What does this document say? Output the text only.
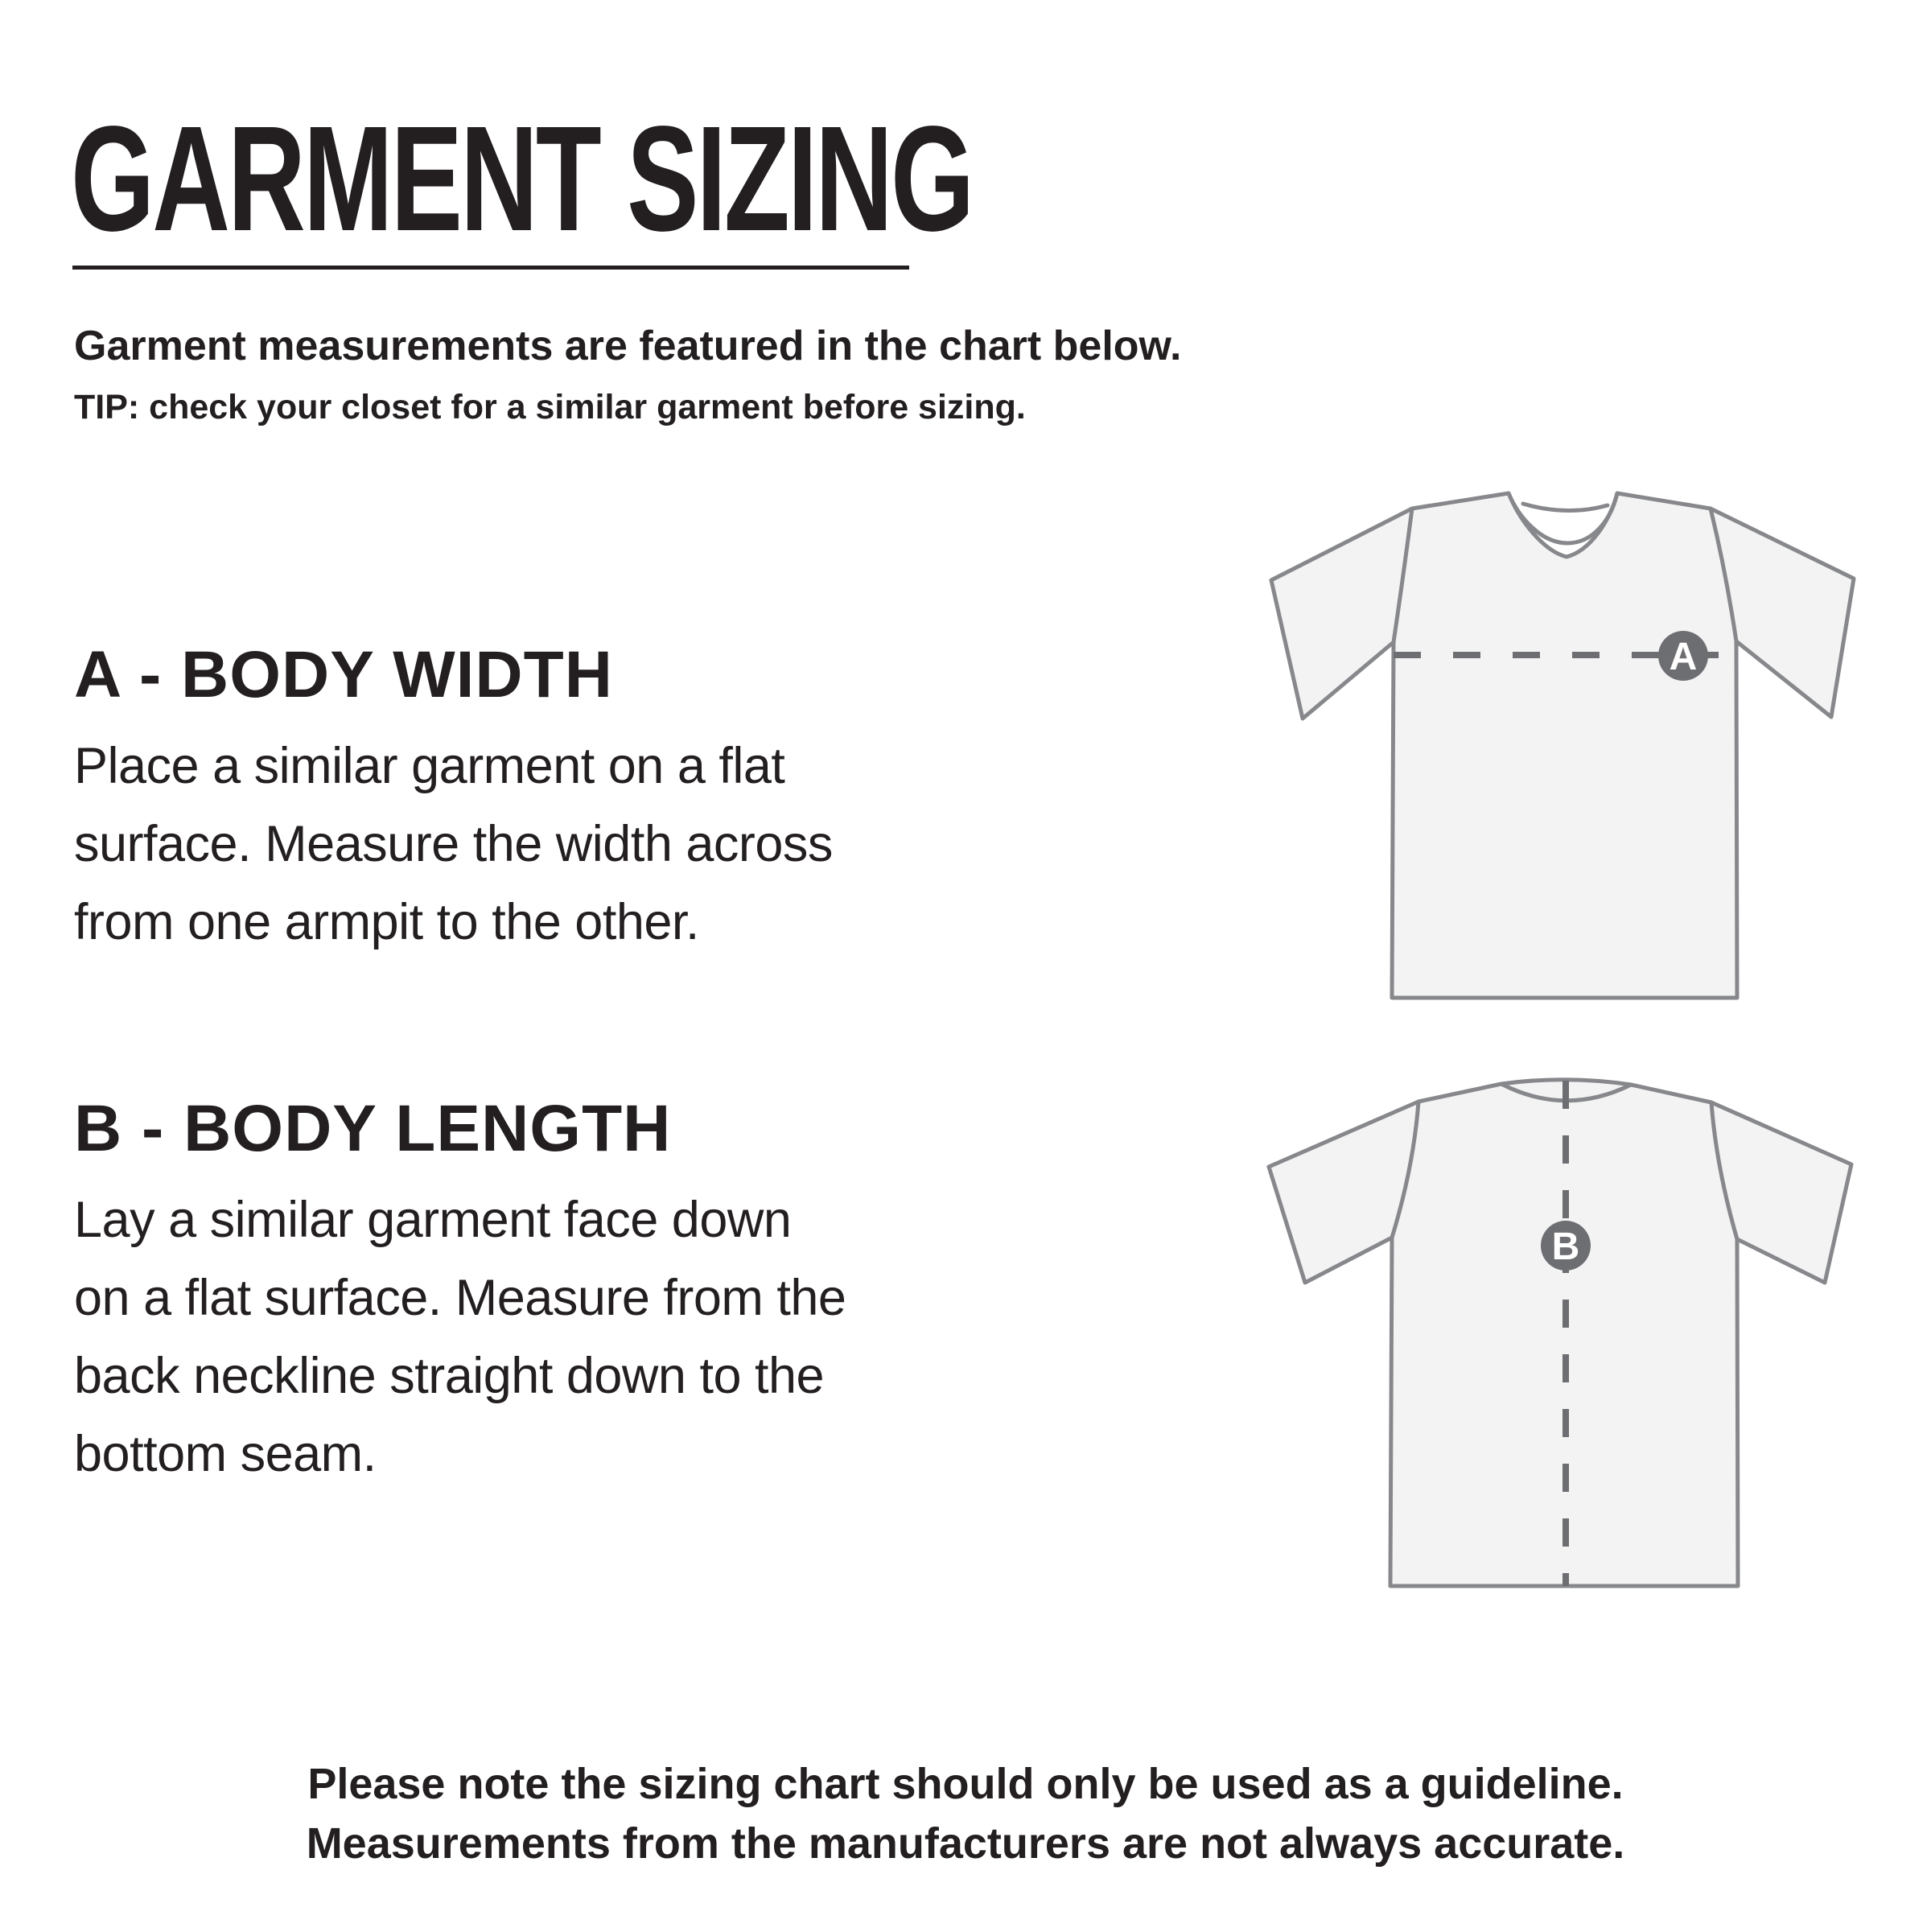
GARMENT SIZING

Garment measurements are featured in the chart below.

TIP: check your closet for a similar garment before sizing.

A - BODY WIDTH

Place a similar garment on a flat
surface. Measure the width across
from one armpit to the other.

B - BODY LENGTH

Lay a similar garment face down
on a flat surface. Measure from the
back neckline straight down to the
bottom seam.

A
B

Please note the sizing chart should only be used as a guideline.
Measurements from the manufacturers are not always accurate.
